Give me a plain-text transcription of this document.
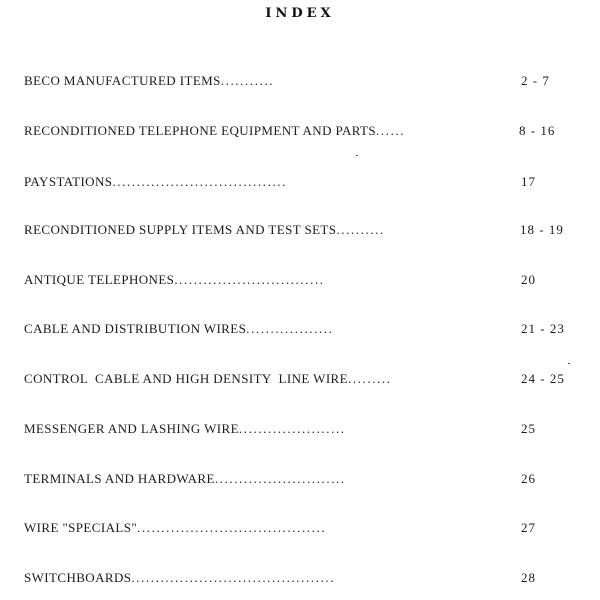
INDEX
BECO MANUFACTURED ITEMS...........	2 - 7
RECONDITIONED TELEPHONE EQUIPMENT AND PARTS......	8 - 16
PAYSTATIONS....................................	17
RECONDITIONED SUPPLY ITEMS AND TEST SETS..........	18 - 19
ANTIQUE TELEPHONES...............................	20
CABLE AND DISTRIBUTION WIRES..................	21 - 23
CONTROL  CABLE AND HIGH DENSITY  LINE WIRE.........	24 - 25
MESSENGER AND LASHING WIRE......................	25
TERMINALS AND HARDWARE...........................	26
WIRE "SPECIALS".......................................	27
SWITCHBOARDS..........................................	28
